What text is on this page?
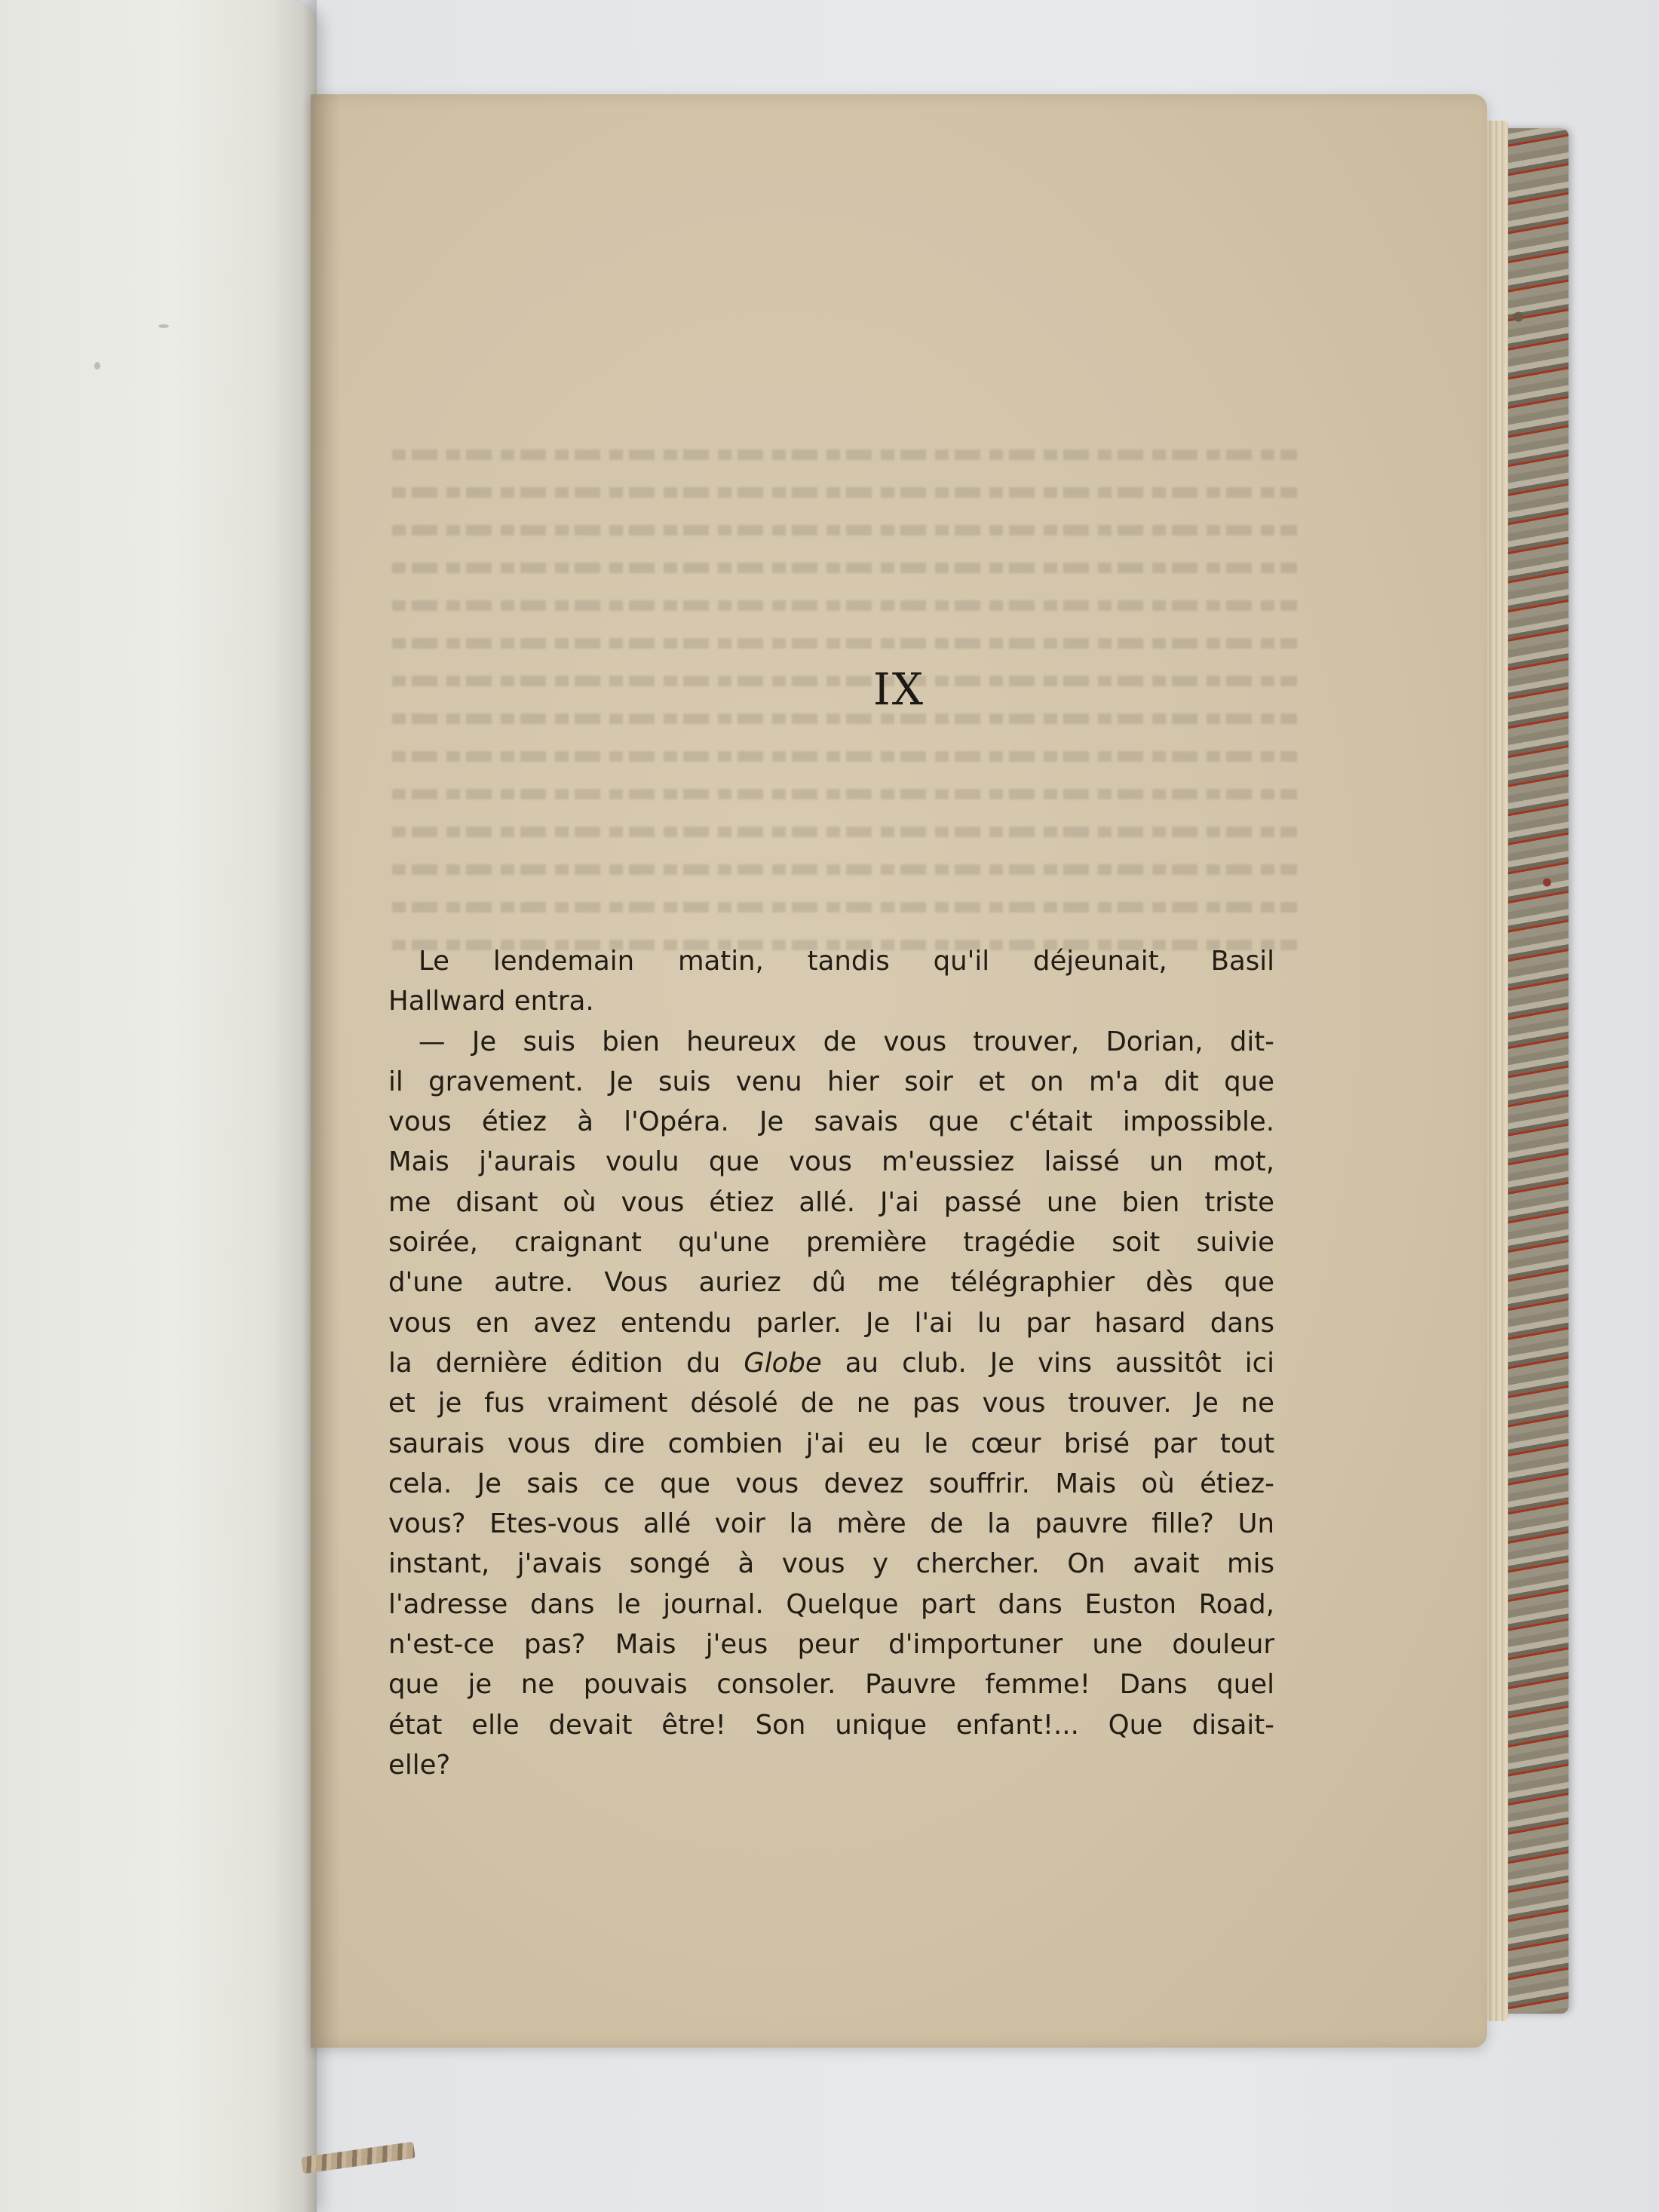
IX
Le lendemain matin, tandis qu'il déjeunait, Basil
Hallward entra.
— Je suis bien heureux de vous trouver, Dorian, dit-
il gravement. Je suis venu hier soir et on m'a dit que
vous étiez à l'Opéra. Je savais que c'était impossible.
Mais j'aurais voulu que vous m'eussiez laissé un mot,
me disant où vous étiez allé. J'ai passé une bien triste
soirée, craignant qu'une première tragédie soit suivie
d'une autre. Vous auriez dû me télégraphier dès que
vous en avez entendu parler. Je l'ai lu par hasard dans
la dernière édition du Globe au club. Je vins aussitôt ici
et je fus vraiment désolé de ne pas vous trouver. Je ne
saurais vous dire combien j'ai eu le cœur brisé par tout
cela. Je sais ce que vous devez souffrir. Mais où étiez-
vous? Etes-vous allé voir la mère de la pauvre fille? Un
instant, j'avais songé à vous y chercher. On avait mis
l'adresse dans le journal. Quelque part dans Euston Road,
n'est-ce pas? Mais j'eus peur d'importuner une douleur
que je ne pouvais consoler. Pauvre femme! Dans quel
état elle devait être! Son unique enfant!... Que disait-
elle?
